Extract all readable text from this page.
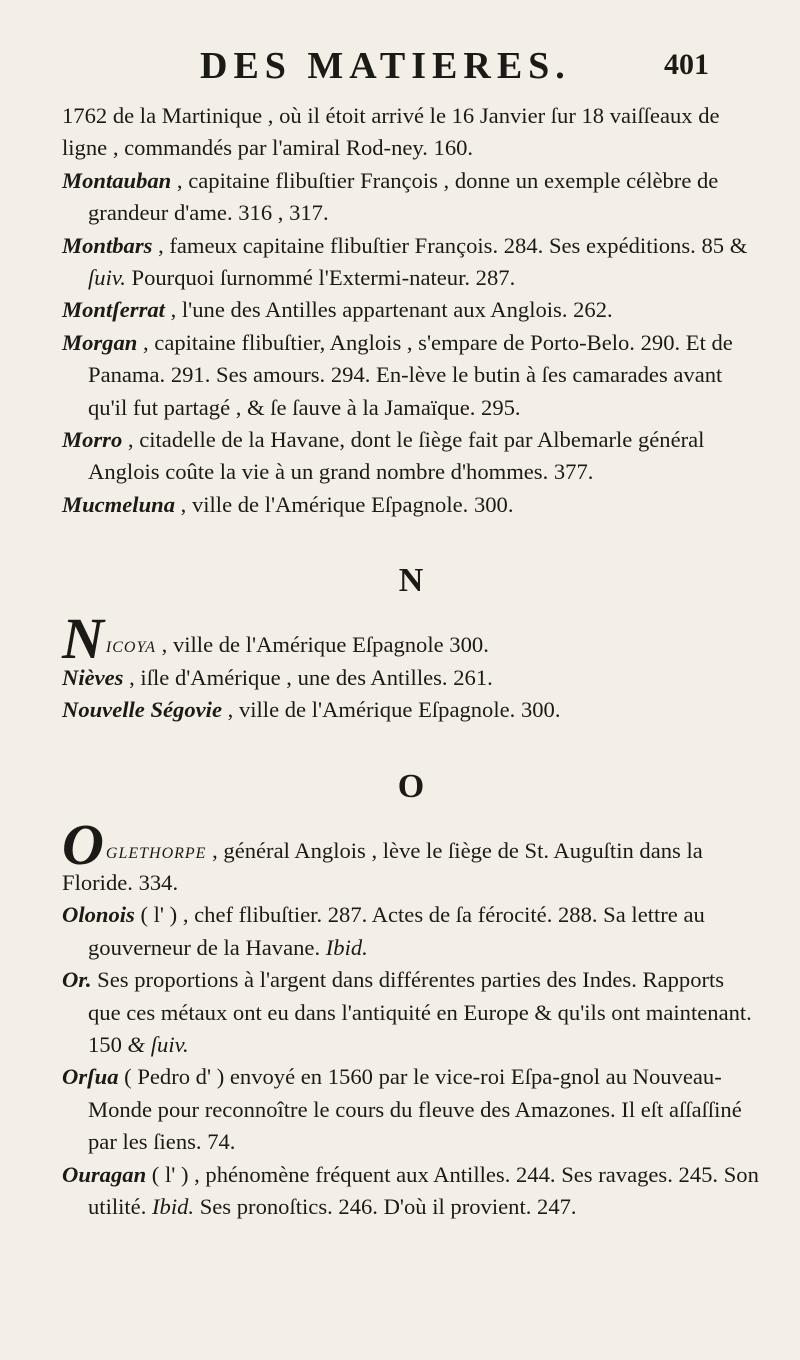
DES MATIERES.	401

1762 de la Martinique , où il étoit arrivé le 16 Janvier ſur 18 vaiſſeaux de ligne , commandés par l'amiral Rod-ney. 160.

Montauban , capitaine flibuſtier François , donne un exemple célèbre de grandeur d'ame. 316 , 317.

Montbars , fameux capitaine flibuſtier François. 284. Ses expéditions. 85 & ſuiv. Pourquoi ſurnommé l'Extermi-nateur. 287.

Montſerrat , l'une des Antilles appartenant aux Anglois. 262.

Morgan , capitaine flibuſtier, Anglois , s'empare de Porto-Belo. 290. Et de Panama. 291. Ses amours. 294. En-lève le butin à ſes camarades avant qu'il fut partagé , & ſe ſauve à la Jamaïque. 295.

Morro , citadelle de la Havane, dont le ſiège fait par Albemarle général Anglois coûte la vie à un grand nombre d'hommes. 377.

Mucmeluna , ville de l'Amérique Eſpagnole. 300.

N

Nicoya , ville de l'Amérique Eſpagnole 300.

Nièves , iſle d'Amérique , une des Antilles. 261.

Nouvelle Ségovie , ville de l'Amérique Eſpagnole. 300.

O

Oglethorpe , général Anglois , lève le ſiège de St. Auguſtin dans la Floride. 334.

Olonois ( l' ) , chef flibuſtier. 287. Actes de ſa férocité. 288. Sa lettre au gouverneur de la Havane. Ibid.

Or. Ses proportions à l'argent dans différentes parties des Indes. Rapports que ces métaux ont eu dans l'antiquité en Europe & qu'ils ont maintenant. 150 & ſuiv.

Orſua ( Pedro d' ) envoyé en 1560 par le vice-roi Eſpa-gnol au Nouveau-Monde pour reconnoître le cours du fleuve des Amazones. Il eſt aſſaſſiné par les ſiens. 74.

Ouragan ( l' ) , phénomène fréquent aux Antilles. 244. Ses ravages. 245. Son utilité. Ibid. Ses pronoſtics. 246. D'où il provient. 247.
